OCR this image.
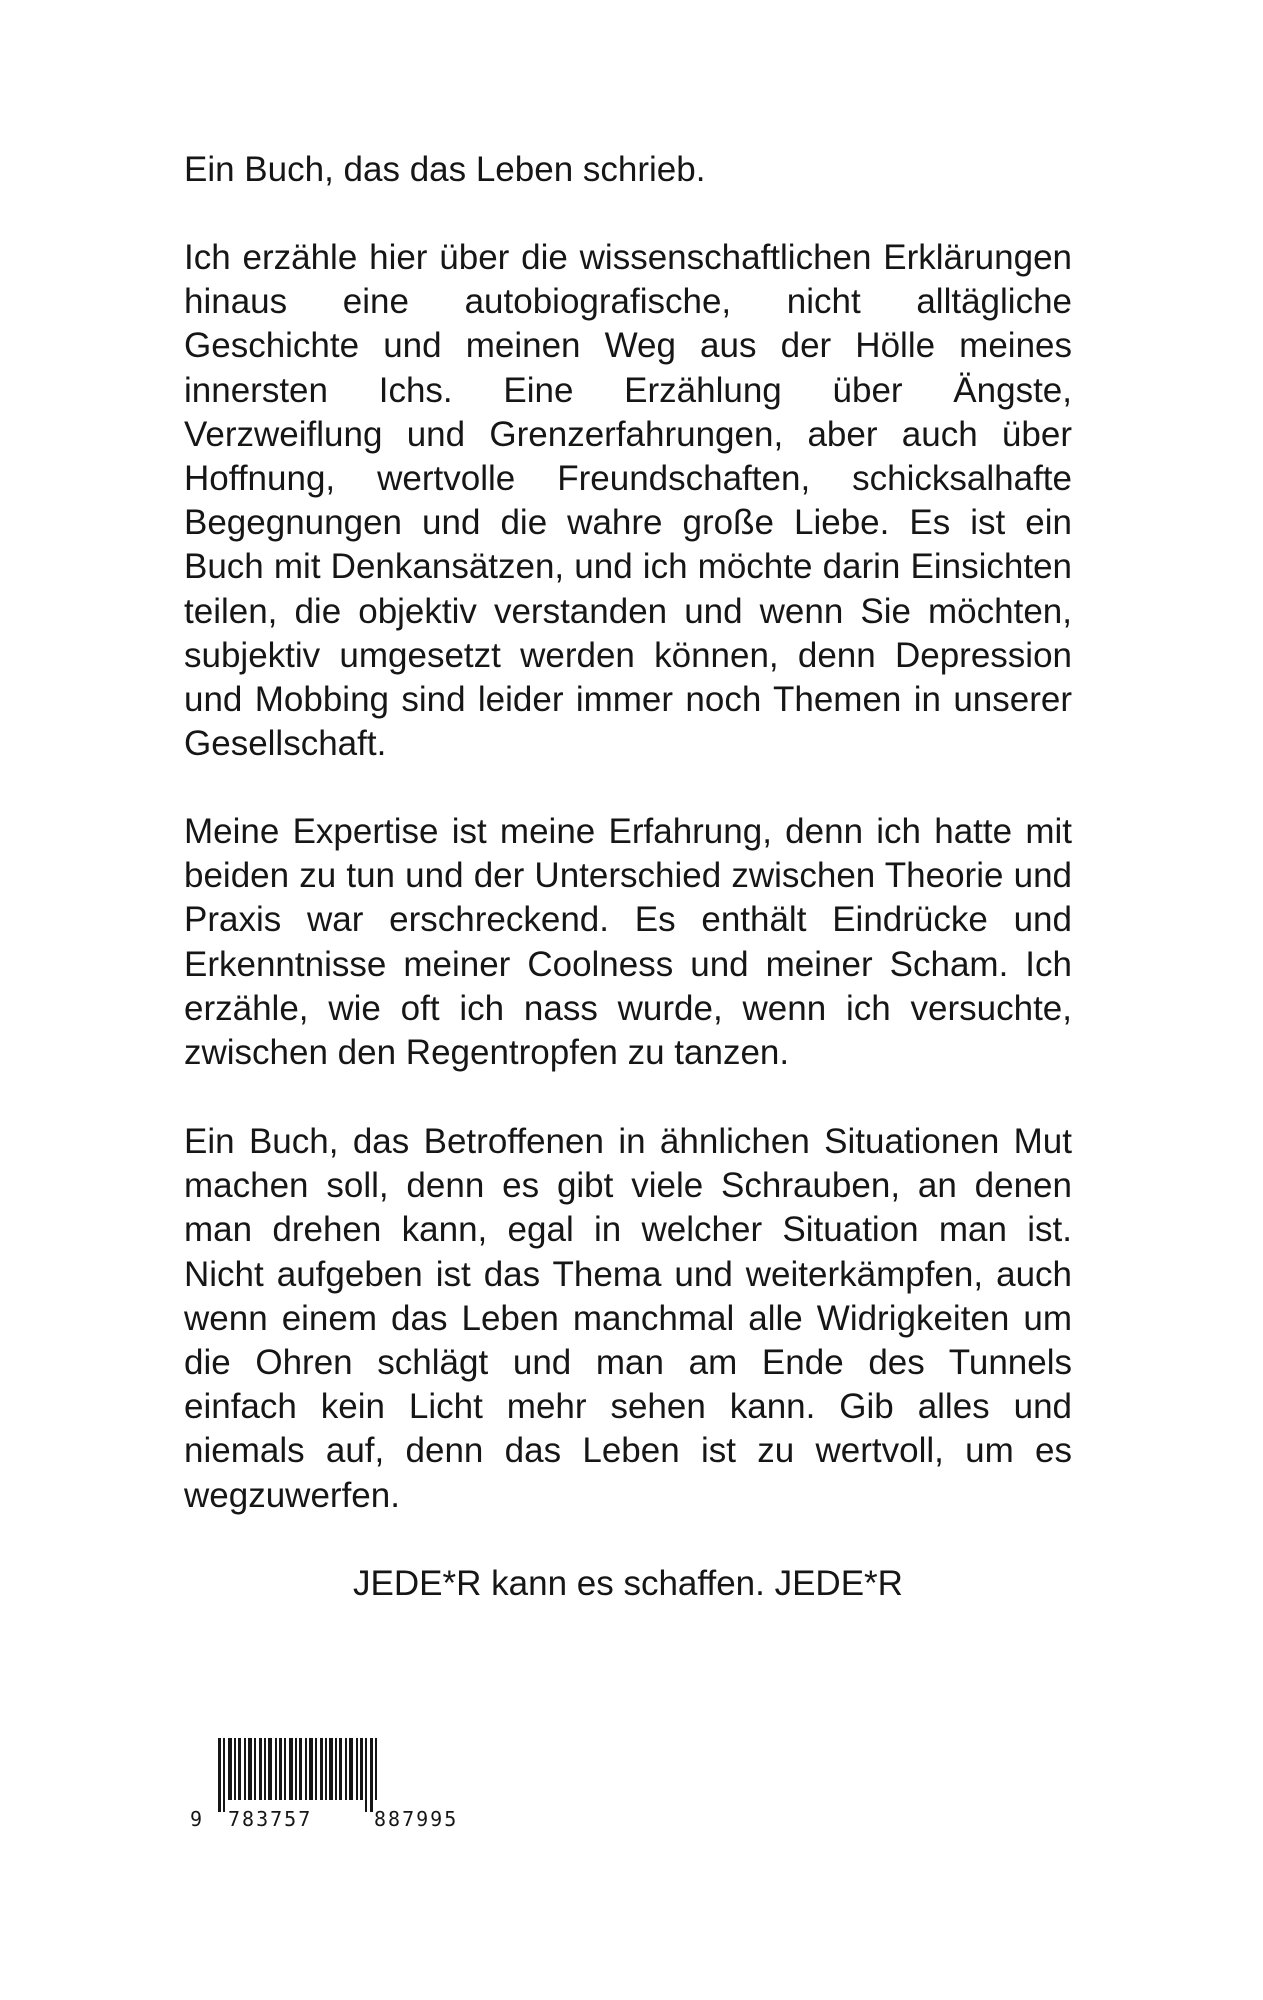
Ein Buch, das das Leben schrieb.

Ich erzähle hier über die wissenschaftlichen Erklärungen hinaus eine autobiografische, nicht alltägliche Geschichte und meinen Weg aus der Hölle meines innersten Ichs. Eine Erzählung über Ängste, Verzweiflung und Grenzerfahrungen, aber auch über Hoffnung, wertvolle Freundschaften, schicksalhafte Begegnungen und die wahre große Liebe. Es ist ein Buch mit Denkansätzen, und ich möchte darin Einsichten teilen, die objektiv verstanden und wenn Sie möchten, subjektiv umgesetzt werden können, denn Depression und Mobbing sind leider immer noch Themen in unserer Gesellschaft.

Meine Expertise ist meine Erfahrung, denn ich hatte mit beiden zu tun und der Unterschied zwischen Theorie und Praxis war erschreckend. Es enthält Eindrücke und Erkenntnisse meiner Coolness und meiner Scham. Ich erzähle, wie oft ich nass wurde, wenn ich versuchte, zwischen den Regentropfen zu tanzen.

Ein Buch, das Betroffenen in ähnlichen Situationen Mut machen soll, denn es gibt viele Schrauben, an denen man drehen kann, egal in welcher Situation man ist. Nicht aufgeben ist das Thema und weiterkämpfen, auch wenn einem das Leben manchmal alle Widrigkeiten um die Ohren schlägt und man am Ende des Tunnels einfach kein Licht mehr sehen kann. Gib alles und niemals auf, denn das Leben ist zu wertvoll, um es wegzuwerfen.

JEDE*R kann es schaffen. JEDE*R

9 783757	887995
